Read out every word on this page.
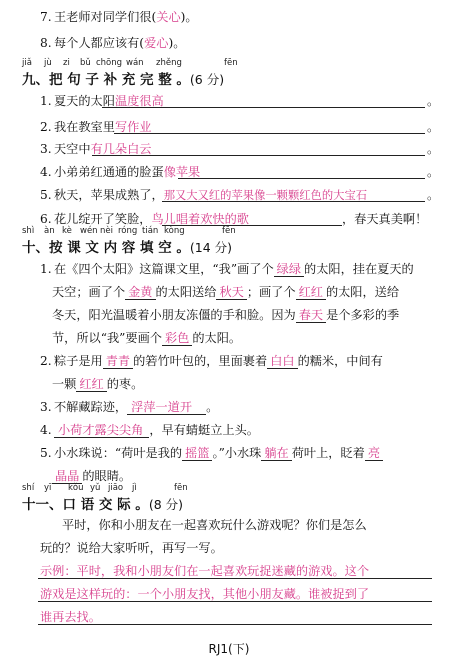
7. 王老师对同学们很(关心)。
8. 每个人都应该有(爱心)。
jiǎ jù zi bǔ chōng wán zhěng	fēn
九、把 句 子 补 充 完 整 。(6 分)
1. 夏天的太阳温度很高	。
2. 我在教室里写作业	。
3. 天空中有几朵白云	。
4. 小弟弟红通通的脸蛋像苹果	。
5. 秋天，苹果成熟了，那又大又红的苹果像一颗颗红色的大宝石	。
6. 花儿绽开了笑脸，鸟儿唱着欢快的歌	，春天真美啊！
shì àn kè wén nèi róng tián kòng	fēn
十、按 课 文 内 容 填 空 。(14 分)
1. 在《四个太阳》这篇课文里，“我”画了个 绿绿 的太阳，挂在夏天的
天空；画了个 金黄 的太阳送给 秋天 ；画了个 红红 的太阳，送给
冬天，阳光温暖着小朋友冻僵的手和脸。因为 春天 是个多彩的季
节，所以“我”要画个 彩色 的太阳。
2. 粽子是用 青青 的箬竹叶包的，里面裹着 白白 的糯米，中间有
一颗 红红 的枣。
3. 不解藏踪迹， 浮萍一道开 。
4. 小荷才露尖尖角 ，早有蜻蜓立上头。
5. 小水珠说：“荷叶是我的 摇篮 。”小水珠 躺在 荷叶上，眨着 亮
晶晶 的眼睛。
shí yī kǒu yǔ jiāo jì	fēn
十一、口 语 交 际 。(8 分)
平时，你和小朋友在一起喜欢玩什么游戏呢？你们是怎么
玩的？说给大家听听，再写一写。
示例：平时，我和小朋友们在一起喜欢玩捉迷藏的游戏。这个
游戏是这样玩的：一个小朋友找，其他小朋友藏。谁被捉到了
谁再去找。
RJ1(下)
